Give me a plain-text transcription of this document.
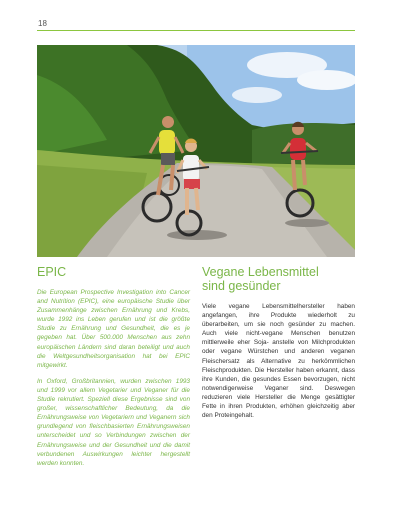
18
EPIC

Die European Prospective Investigation into Cancer and Nutrition (EPIC), eine europäische Studie über Zusammenhänge zwischen Ernährung und Krebs, wurde 1992 ins Leben gerufen und ist die größte Studie zu Ernährung und Gesundheit, die es je gegeben hat. Über 500.000 Menschen aus zehn europäischen Ländern sind daran beteiligt und auch die Weltgesundheitsorganisation hat bei EPIC mitgewirkt.

In Oxford, Großbritannien, wurden zwischen 1993 und 1999 vor allem Vegetarier und Veganer für die Studie rekrutiert. Speziell diese Ergebnisse sind von großer, wissenschaftlicher Bedeutung, da die Ernährungsweise von Vegetariern und Veganern sich grundlegend von fleischbasierten Ernährungsweisen unterscheidet und so Verbindungen zwischen der Ernährungsweise und der Gesundheit und die damit verbundenen Auswirkungen leichter hergestellt werden konnten.

Vegane Lebensmittel
sind gesünder

Viele vegane Lebensmittelhersteller haben angefangen, ihre Produkte wiederholt zu überarbeiten, um sie noch gesünder zu machen. Auch viele nicht-vegane Menschen benutzen mittlerweile eher Soja- anstelle von Milchprodukten oder vegane Würstchen und anderen veganen Fleischersatz als Alternative zu herkömmlichen Fleischprodukten. Die Hersteller haben erkannt, dass ihre Kunden, die gesundes Essen bevorzugen, nicht notwendigerweise Veganer sind. Deswegen reduzieren viele Hersteller die Menge gesättigter Fette in ihren Produkten, erhöhen gleichzeitig aber den Proteingehalt.
